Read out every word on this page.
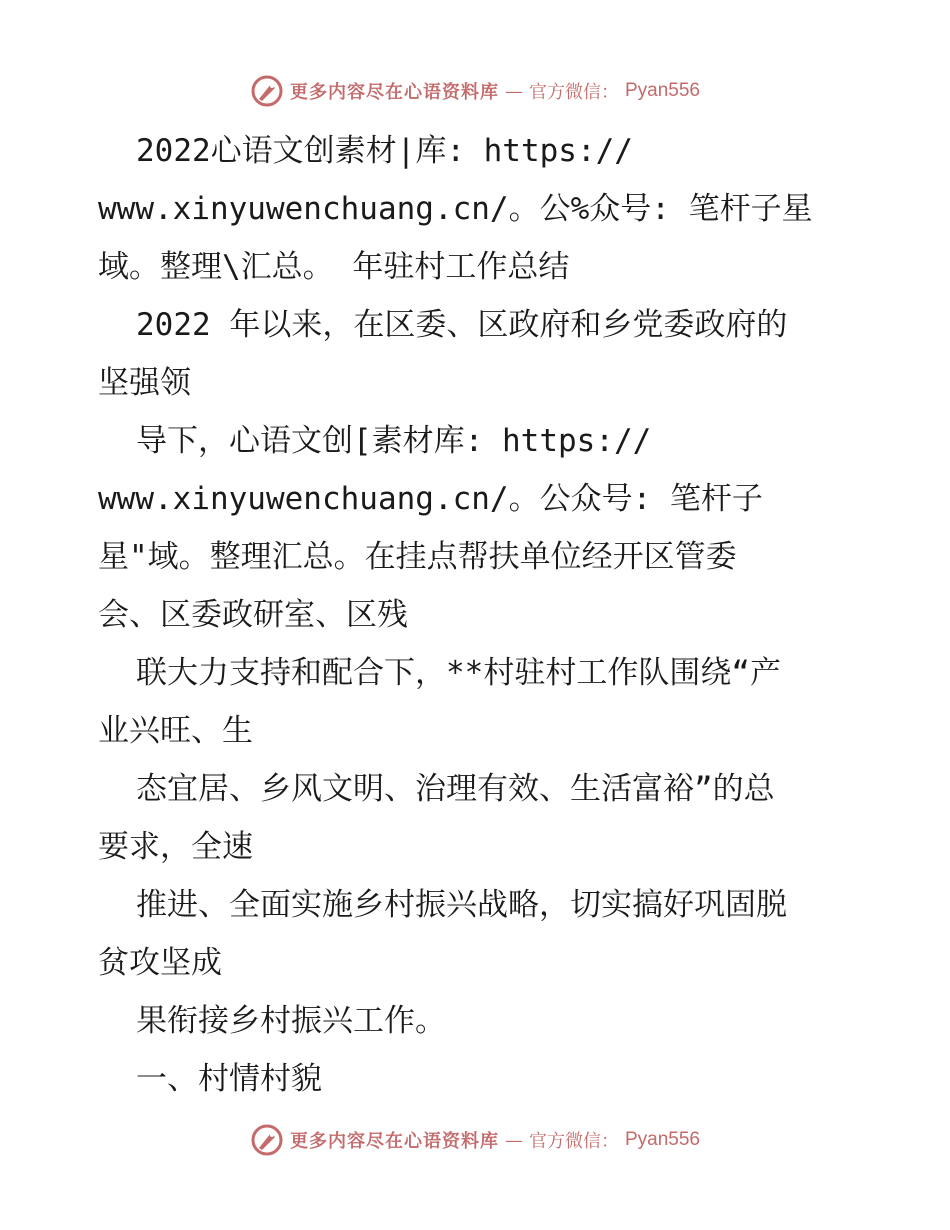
更多内容尽在心语资料库 — 官方微信： Pyan556
2022心语文创素材|库: https://
www.xinyuwenchuang.cn/。公%众号: 笔杆子星
域。整理\汇总。 年驻村工作总结
2022 年以来，在区委、区政府和乡党委政府的
坚强领
导下，心语文创[素材库: https://
www.xinyuwenchuang.cn/。公众号: 笔杆子
星"域。整理汇总。在挂点帮扶单位经开区管委
会、区委政研室、区残
联大力支持和配合下，**村驻村工作队围绕“产
业兴旺、生
态宜居、乡风文明、治理有效、生活富裕”的总
要求，全速
推进、全面实施乡村振兴战略，切实搞好巩固脱
贫攻坚成
果衔接乡村振兴工作。
一、村情村貌
更多内容尽在心语资料库 — 官方微信： Pyan556
